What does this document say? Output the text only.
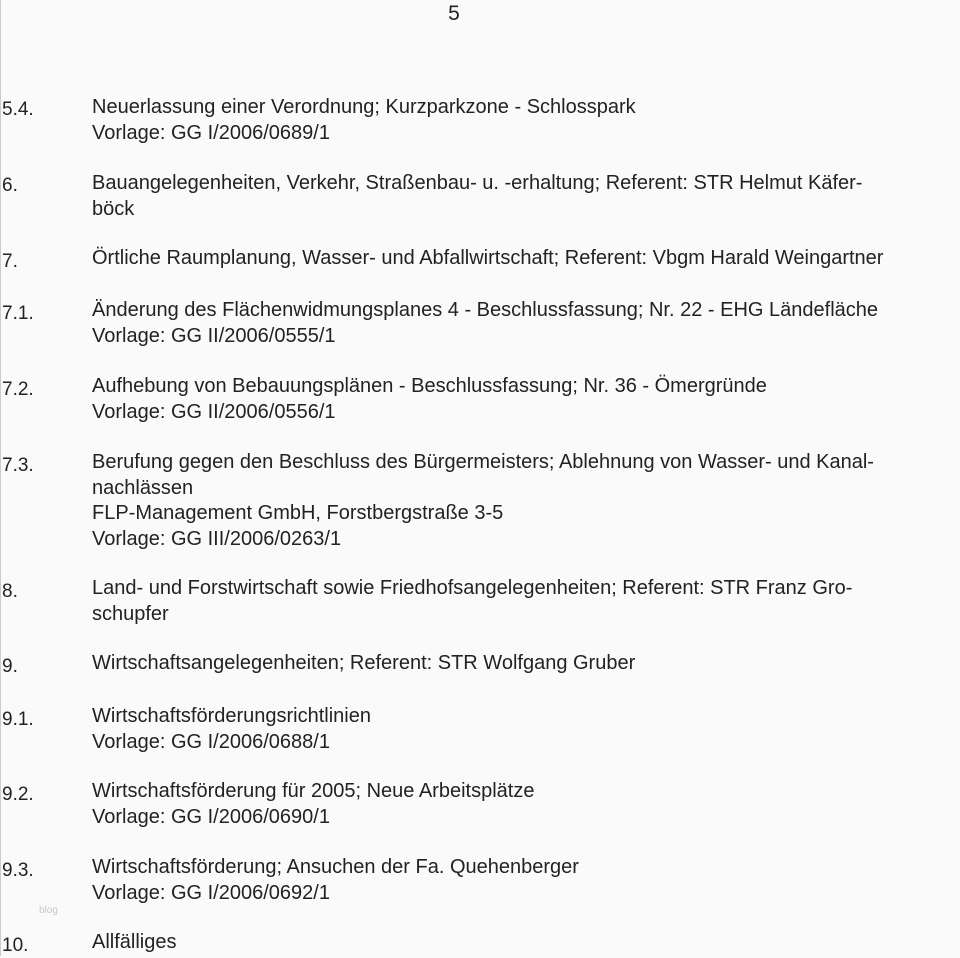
5
5.4.	Neuerlassung einer Verordnung; Kurzparkzone - Schlosspark
Vorlage: GG I/2006/0689/1
6.	Bauangelegenheiten, Verkehr, Straßenbau- u. -erhaltung; Referent: STR Helmut Käfer-
böck
7.	Örtliche Raumplanung, Wasser- und Abfallwirtschaft; Referent: Vbgm Harald Weingartner
7.1.	Änderung des Flächenwidmungsplanes 4 - Beschlussfassung; Nr. 22 - EHG Ländefläche
Vorlage: GG II/2006/0555/1
7.2.	Aufhebung von Bebauungsplänen - Beschlussfassung; Nr. 36 - Ömergründe
Vorlage: GG II/2006/0556/1
7.3.	Berufung gegen den Beschluss des Bürgermeisters; Ablehnung von Wasser- und Kanal-
nachlässen
FLP-Management GmbH, Forstbergstraße 3-5
Vorlage: GG III/2006/0263/1
8.	Land- und Forstwirtschaft sowie Friedhofsangelegenheiten; Referent: STR Franz Gro-
schupfer
9.	Wirtschaftsangelegenheiten; Referent: STR Wolfgang Gruber
9.1.	Wirtschaftsförderungsrichtlinien
Vorlage: GG I/2006/0688/1
9.2.	Wirtschaftsförderung für 2005; Neue Arbeitsplätze
Vorlage: GG I/2006/0690/1
9.3.	Wirtschaftsförderung; Ansuchen der Fa. Quehenberger
Vorlage: GG I/2006/0692/1
10.	Allfälliges
blog
